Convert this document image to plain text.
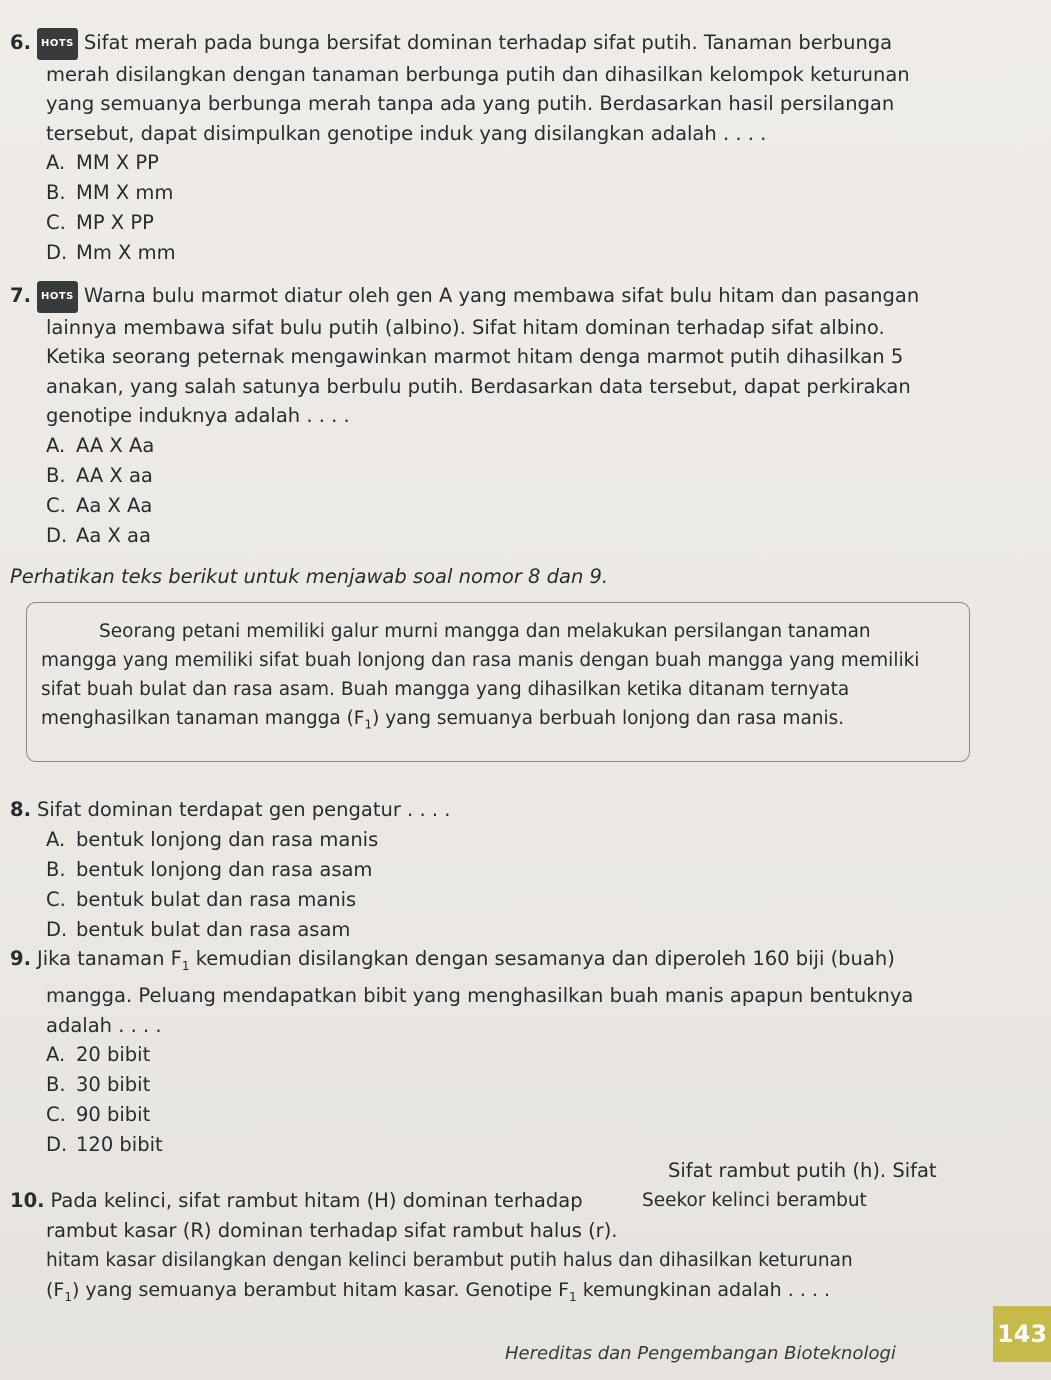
6. HOTS Sifat merah pada bunga bersifat dominan terhadap sifat putih. Tanaman berbunga
merah disilangkan dengan tanaman berbunga putih dan dihasilkan kelompok keturunan
yang semuanya berbunga merah tanpa ada yang putih. Berdasarkan hasil persilangan
tersebut, dapat disimpulkan genotipe induk yang disilangkan adalah . . . .
A. MM X PP
B. MM X mm
C. MP X PP
D. Mm X mm
7. HOTS Warna bulu marmot diatur oleh gen A yang membawa sifat bulu hitam dan pasangan
lainnya membawa sifat bulu putih (albino). Sifat hitam dominan terhadap sifat albino.
Ketika seorang peternak mengawinkan marmot hitam denga marmot putih dihasilkan 5
anakan, yang salah satunya berbulu putih. Berdasarkan data tersebut, dapat perkirakan
genotipe induknya adalah . . . .
A. AA X Aa
B. AA X aa
C. Aa X Aa
D. Aa X aa
Perhatikan teks berikut untuk menjawab soal nomor 8 dan 9.

Seorang petani memiliki galur murni mangga dan melakukan persilangan tanaman

mangga yang memiliki sifat buah lonjong dan rasa manis dengan buah mangga yang memiliki

sifat buah bulat dan rasa asam. Buah mangga yang dihasilkan ketika ditanam ternyata

menghasilkan tanaman mangga $(F_1)$ yang semuanya berbuah lonjong dan rasa manis.

8. Sifat dominan terdapat gen pengatur . . . .
A. bentuk lonjong dan rasa manis
B. bentuk lonjong dan rasa asam
C. bentuk bulat dan rasa manis
D. bentuk bulat dan rasa asam
9. Jika tanaman $F_1$ kemudian disilangkan dengan sesamanya dan diperoleh 160 biji (buah)
mangga. Peluang mendapatkan bibit yang menghasilkan buah manis apapun bentuknya
adalah . . . .
A. 20 bibit
B. 30 bibit
C. 90 bibit
D. 120 bibit
Sifat rambut putih (h). Sifat
10. Pada kelinci, sifat rambut hitam (H) dominan terhadap
rambut kasar (R) dominan terhadap sifat rambut halus (r).
Seekor kelinci berambut
hitam kasar disilangkan dengan kelinci berambut putih halus dan dihasilkan keturunan
$(F_1)$ yang semuanya berambut hitam kasar. Genotipe $F_1$ kemungkinan adalah . . . .
Hereditas dan Pengembangan Bioteknologi
143
